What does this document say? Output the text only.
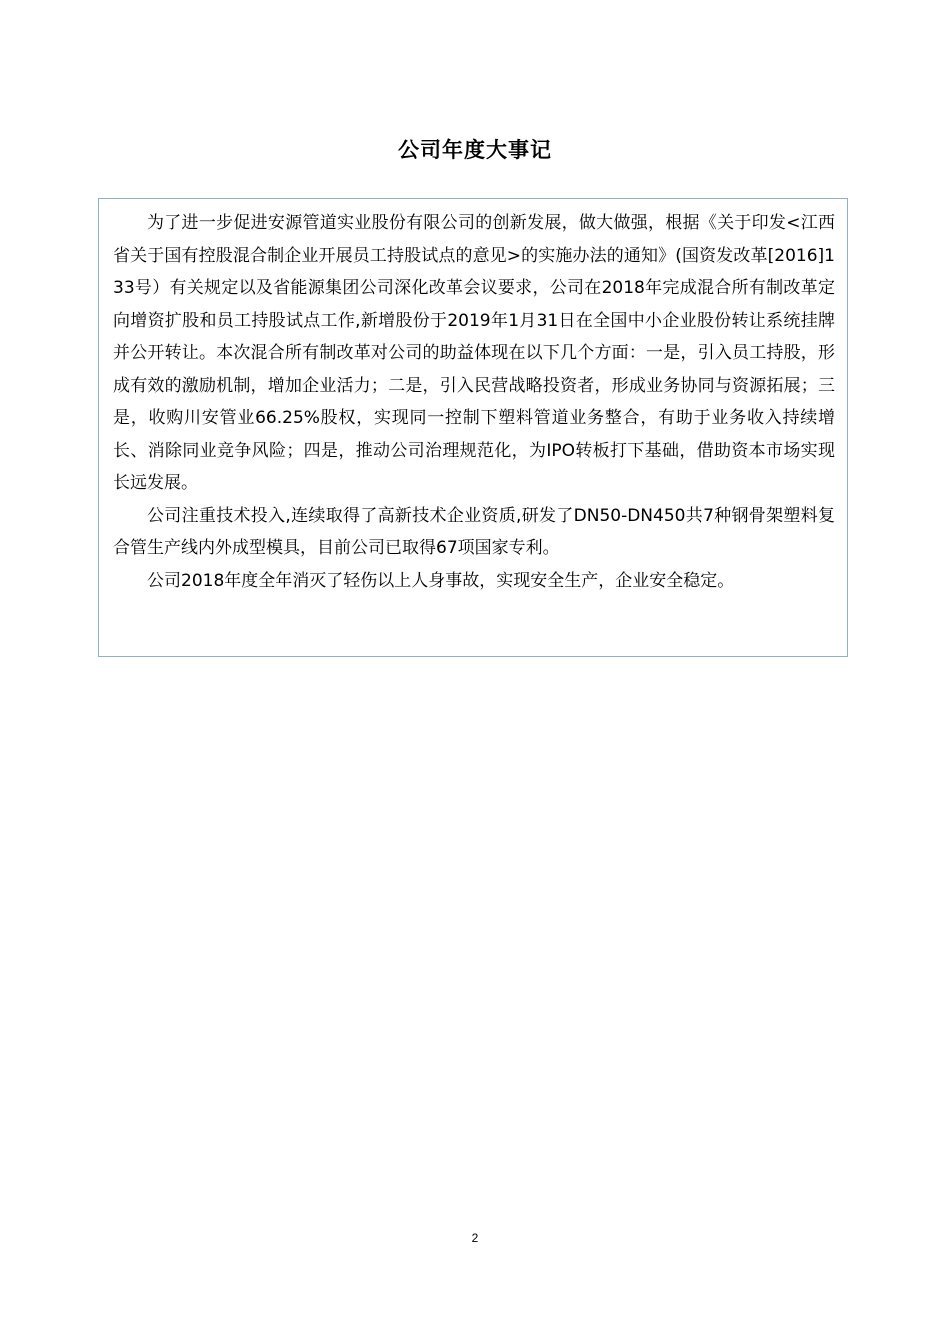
公司年度大事记

为了进一步促进安源管道实业股份有限公司的创新发展，做大做强，根据《关于印发<江西省关于国有控股混合制企业开展员工持股试点的意见>的实施办法的通知》(国资发改革[2016]133号）有关规定以及省能源集团公司深化改革会议要求，公司在2018年完成混合所有制改革定向增资扩股和员工持股试点工作,新增股份于2019年1月31日在全国中小企业股份转让系统挂牌并公开转让。本次混合所有制改革对公司的助益体现在以下几个方面：一是，引入员工持股，形成有效的激励机制，增加企业活力；二是，引入民营战略投资者，形成业务协同与资源拓展；三是，收购川安管业66.25%股权，实现同一控制下塑料管道业务整合，有助于业务收入持续增长、消除同业竞争风险；四是，推动公司治理规范化，为IPO转板打下基础，借助资本市场实现长远发展。

公司注重技术投入,连续取得了高新技术企业资质,研发了DN50-DN450共7种钢骨架塑料复合管生产线内外成型模具，目前公司已取得67项国家专利。

公司2018年度全年消灭了轻伤以上人身事故，实现安全生产，企业安全稳定。

2
